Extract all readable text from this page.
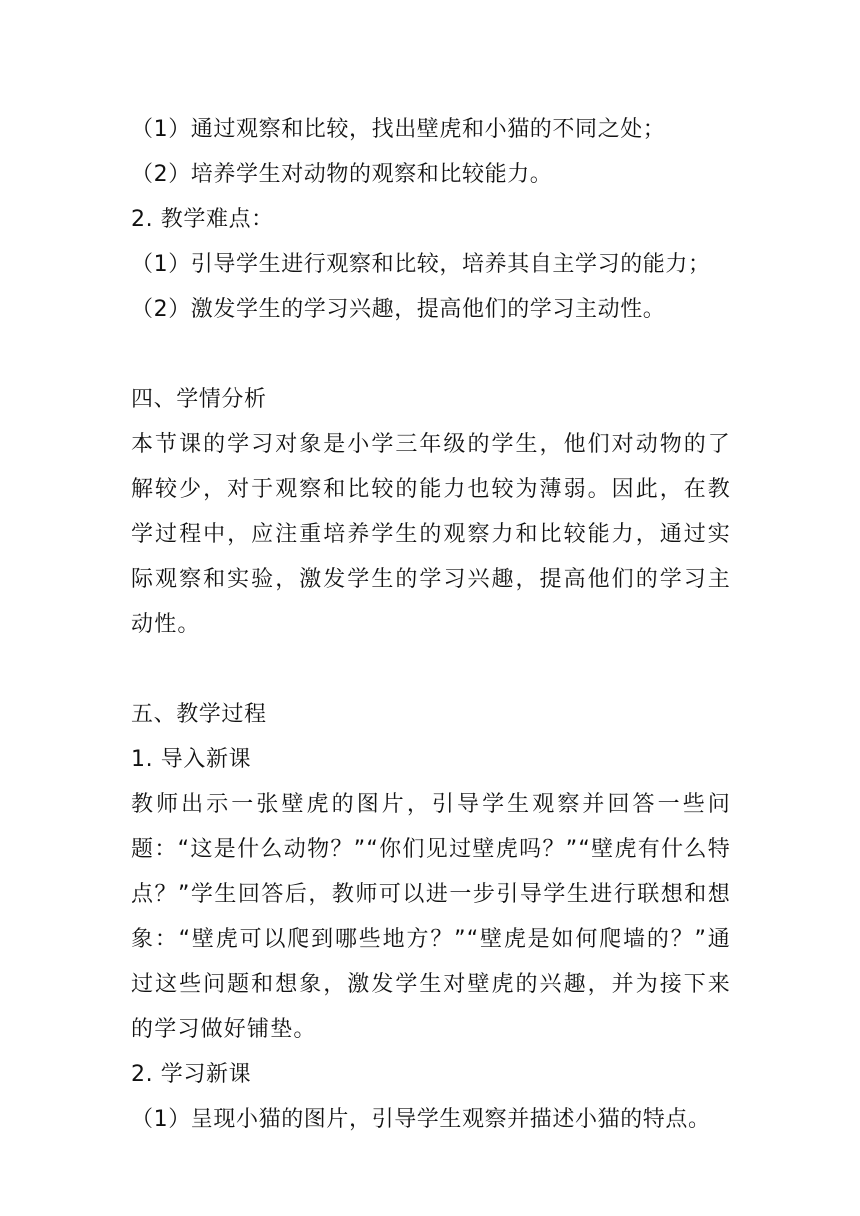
（1）通过观察和比较，找出壁虎和小猫的不同之处；
（2）培养学生对动物的观察和比较能力。
2. 教学难点：
（1）引导学生进行观察和比较，培养其自主学习的能力；
（2）激发学生的学习兴趣，提高他们的学习主动性。
四、学情分析
本节课的学习对象是小学三年级的学生，他们对动物的了解较少，对于观察和比较的能力也较为薄弱。因此，在教学过程中，应注重培养学生的观察力和比较能力，通过实际观察和实验，激发学生的学习兴趣，提高他们的学习主动性。
五、教学过程
1. 导入新课
教师出示一张壁虎的图片，引导学生观察并回答一些问题：“这是什么动物？”“你们见过壁虎吗？”“壁虎有什么特点？”学生回答后，教师可以进一步引导学生进行联想和想象：“壁虎可以爬到哪些地方？”“壁虎是如何爬墙的？”通过这些问题和想象，激发学生对壁虎的兴趣，并为接下来的学习做好铺垫。
2. 学习新课
（1）呈现小猫的图片，引导学生观察并描述小猫的特点。
